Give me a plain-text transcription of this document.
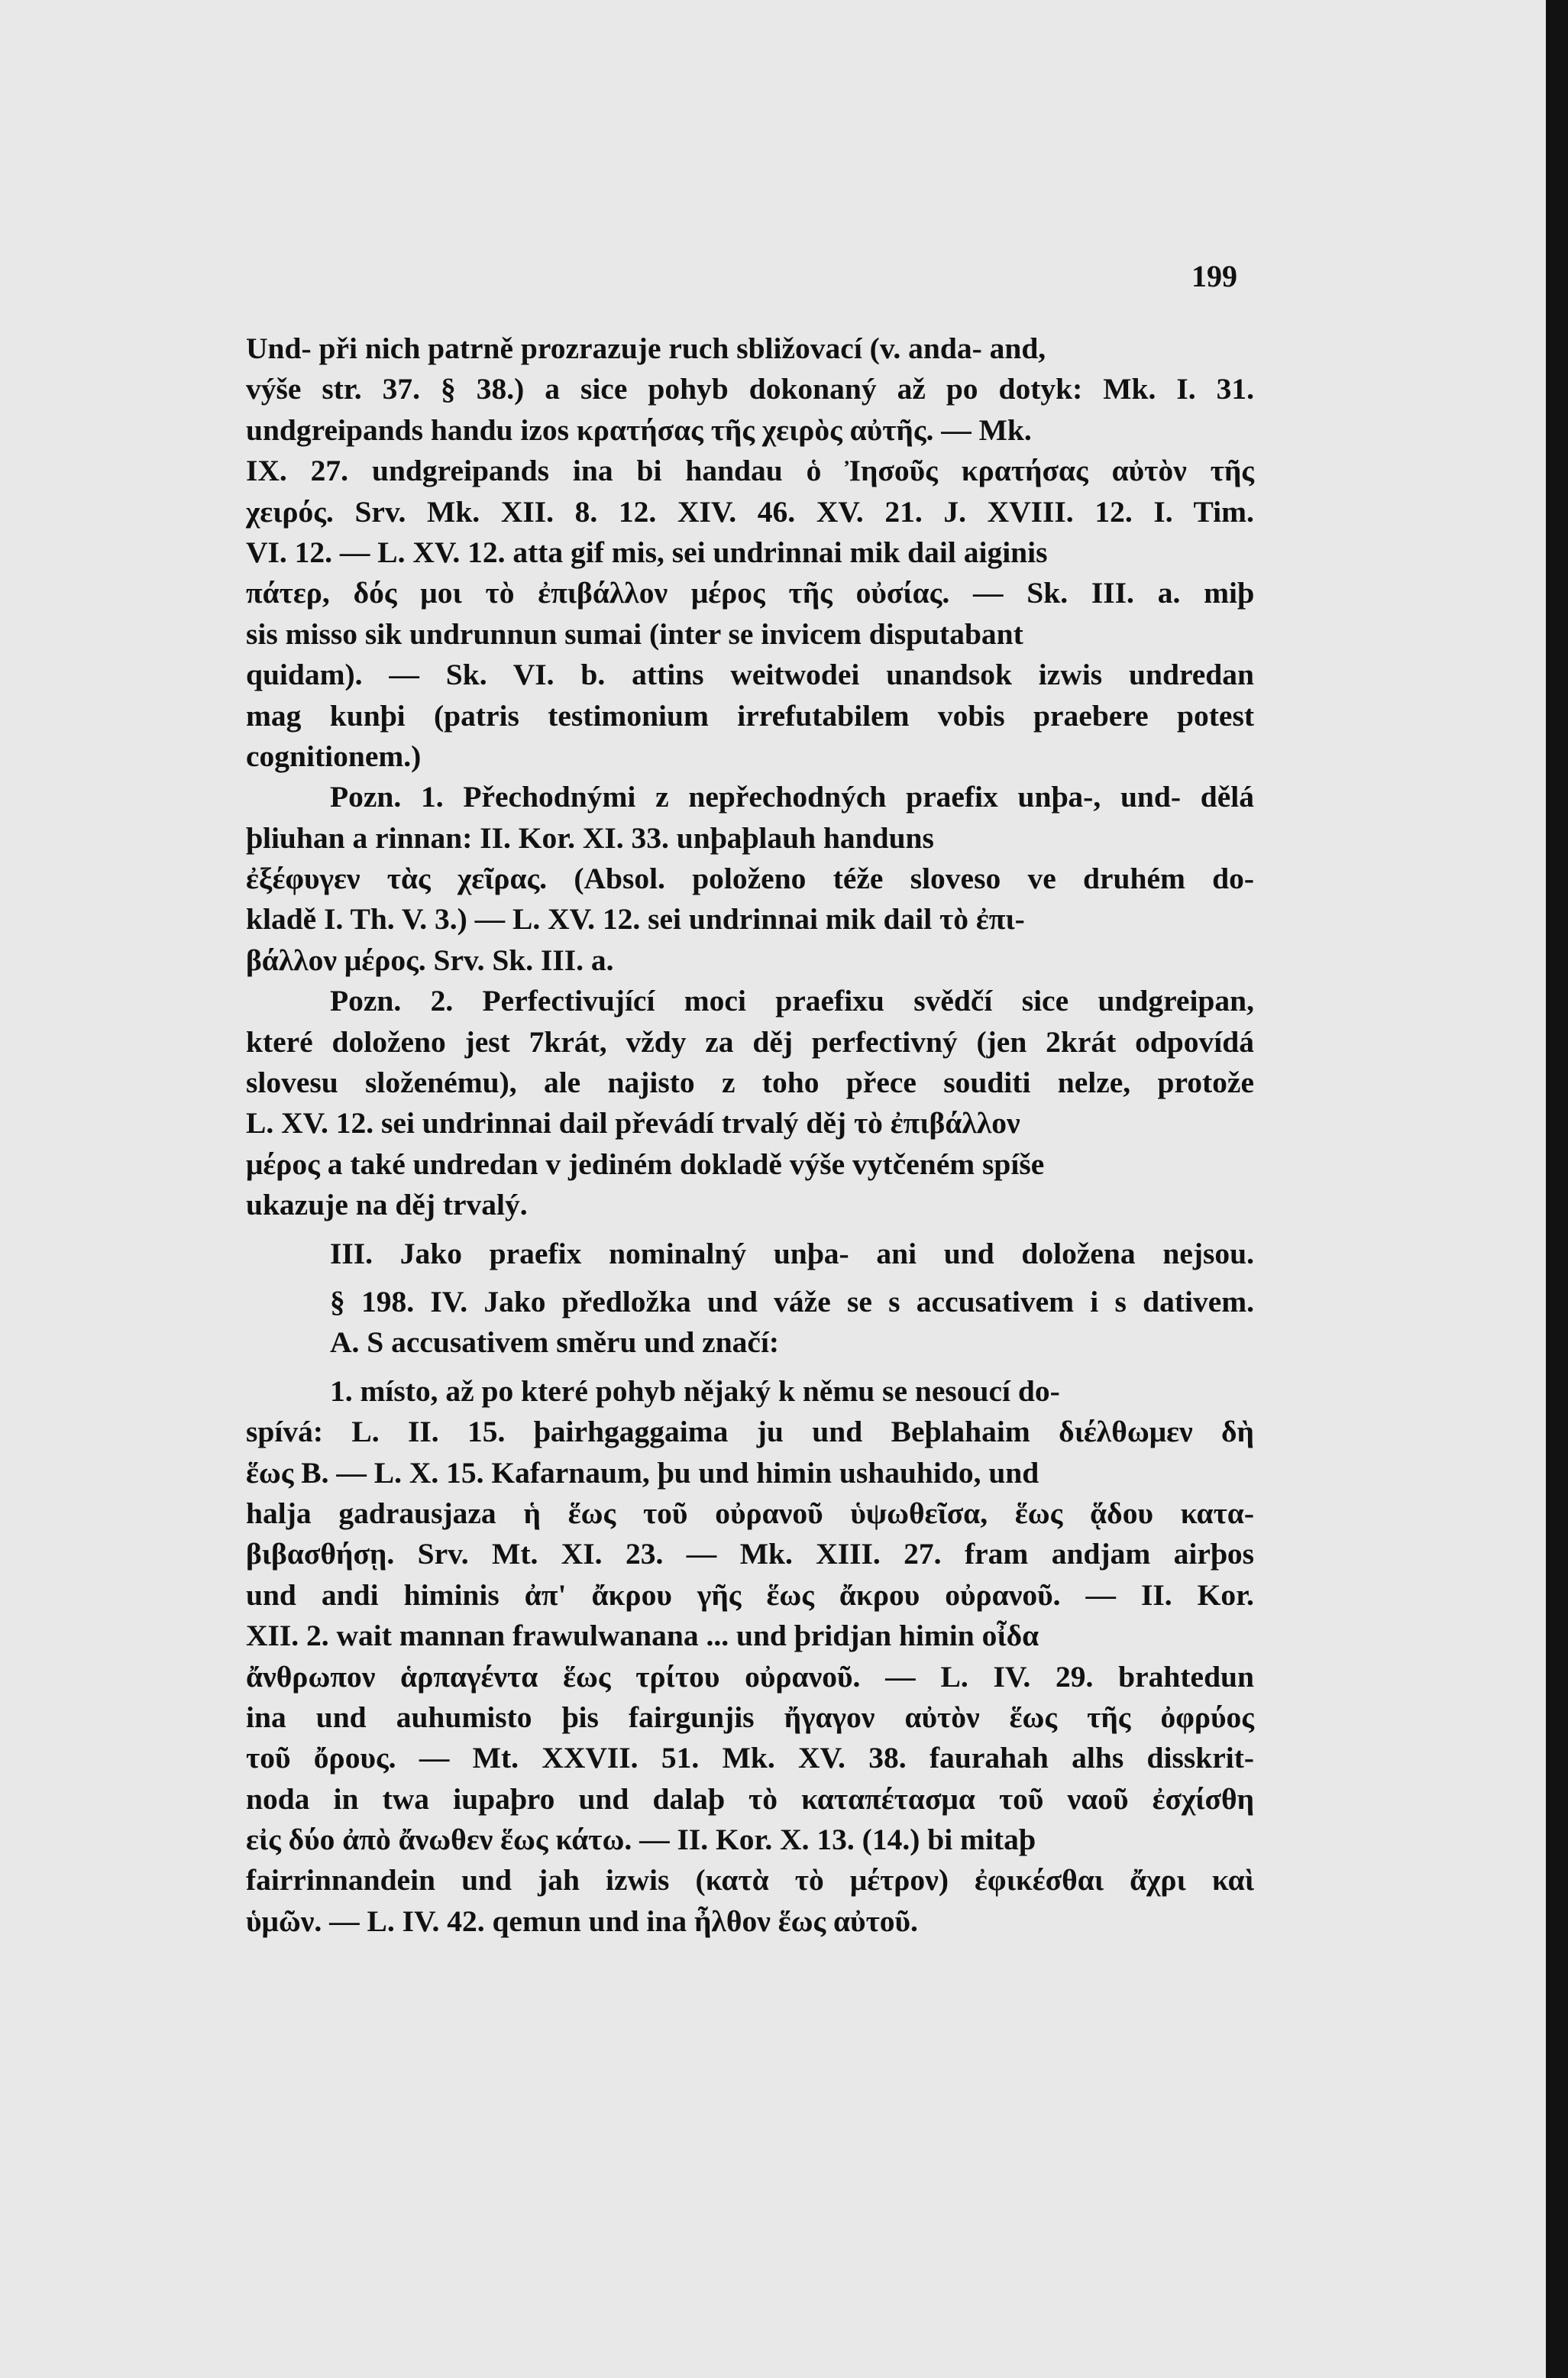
199
Und- při nich patrně prozrazuje ruch sbližovací (v. anda- and,
výše str. 37. § 38.) a sice pohyb dokonaný až po dotyk: Mk. I. 31.
undgreipands handu izos κρατήσας τῆς χειρὸς αὐτῆς. — Mk.
IX. 27. undgreipands ina bi handau ὁ Ἰησοῦς κρατήσας αὐτὸν τῆς
χειρός. Srv. Mk. XII. 8. 12. XIV. 46. XV. 21. J. XVIII. 12. I. Tim.
VI. 12. — L. XV. 12. atta gif mis, sei undrinnai mik dail aiginis
πάτερ, δός μοι τὸ ἐπιβάλλον μέρος τῆς οὐσίας. — Sk. III. a. miþ
sis misso sik undrunnun sumai (inter se invicem disputabant
quidam). — Sk. VI. b. attins weitwodei unandsok izwis undredan
mag kunþi (patris testimonium irrefutabilem vobis praebere potest
cognitionem.)
Pozn. 1. Přechodnými z nepřechodných praefix unþa-, und- dělá
þliuhan a rinnan: II. Kor. XI. 33. unþaþlauh handuns
ἐξέφυγεν τὰς χεῖρας. (Absol. položeno téže sloveso ve druhém do-
kladě I. Th. V. 3.) — L. XV. 12. sei undrinnai mik dail τὸ ἐπι-
βάλλον μέρος. Srv. Sk. III. a.
Pozn. 2. Perfectivující moci praefixu svědčí sice undgreipan,
které doloženo jest 7krát, vždy za děj perfectivný (jen 2krát odpovídá
slovesu složenému), ale najisto z toho přece souditi nelze, protože
L. XV. 12. sei undrinnai dail převádí trvalý děj τὸ ἐπιβάλλον
μέρος a také undredan v jediném dokladě výše vytčeném spíše
ukazuje na děj trvalý.
III. Jako praefix nominalný unþa- ani und doložena nejsou.
§ 198. IV. Jako předložka und váže se s accusativem i s dativem.
A. S accusativem směru und značí:
1. místo, až po které pohyb nějaký k němu se nesoucí do-
spívá: L. II. 15. þairhgaggaima ju und Beþlahaim διέλθωμεν δὴ
ἕως B. — L. X. 15. Kafarnaum, þu und himin ushauhido, und
halja gadrausjaza ἡ ἕως τοῦ οὐρανοῦ ὑψωθεῖσα, ἕως ᾅδου κατα-
βιβασθήσῃ. Srv. Mt. XI. 23. — Mk. XIII. 27. fram andjam airþos
und andi himinis ἀπ' ἄκρου γῆς ἕως ἄκρου οὐρανοῦ. — II. Kor.
XII. 2. wait mannan frawulwanana ... und þridjan himin οἶδα
ἄνθρωπον ἁρπαγέντα ἕως τρίτου οὐρανοῦ. — L. IV. 29. brahtedun
ina und auhumisto þis fairgunjis ἤγαγον αὐτὸν ἕως τῆς ὀφρύος
τοῦ ὄρους. — Mt. XXVII. 51. Mk. XV. 38. faurahah alhs disskrit-
noda in twa iupaþro und dalaþ τὸ καταπέτασμα τοῦ ναοῦ ἐσχίσθη
εἰς δύο ἀπὸ ἄνωθεν ἕως κάτω. — II. Kor. X. 13. (14.) bi mitaþ
fairrinnandein und jah izwis (κατὰ τὸ μέτρον) ἐφικέσθαι ἄχρι καὶ
ὑμῶν. — L. IV. 42. qemun und ina ἦλθον ἕως αὐτοῦ.
